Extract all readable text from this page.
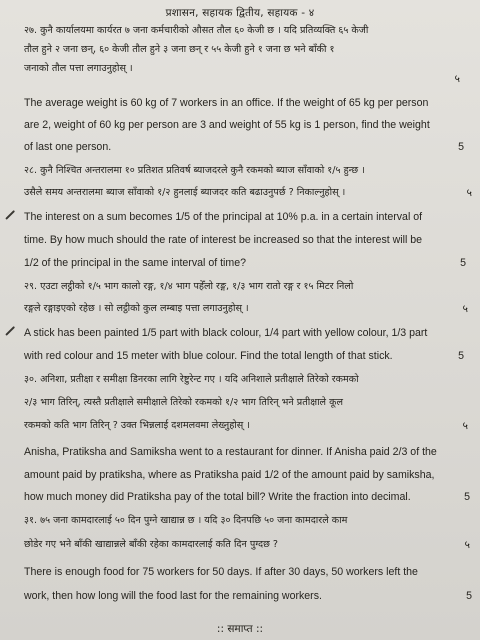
प्रशासन, सहायक द्वितीय, सहायक - ४
२७. कुनै कार्यालयमा कार्यरत ७ जना कर्मचारीको औसत तौल ६० केजी छ । यदि प्रतिव्यक्ति ६५ केजी
तौल हुने २ जना छन्, ६० केजी तौल हुने ३ जना छन् र ५५ केजी हुने १ जना छ भने बाँकी १
जनाको तौल पत्ता लगाउनुहोस् ।
५
The average weight is 60 kg of 7 workers in an office. If the weight of 65 kg per person
are 2, weight of 60 kg per person are 3 and weight of 55 kg is 1 person, find the weight
of last one person.	5
२८. कुनै निश्चित अन्तरालमा १० प्रतिशत प्रतिवर्ष ब्याजदरले कुनै रकमको ब्याज साँवाको १/५ हुन्छ ।
उसैले समय अन्तरालमा ब्याज साँवाको १/२ हुनलाई ब्याजदर कति बढाउनुपर्छ ? निकाल्नुहोस् ।	५
The interest on a sum becomes 1/5 of the principal at 10% p.a. in a certain interval of
time. By how much should the rate of interest be increased so that the interest will be
1/2 of the principal in the same interval of time?	5
२९. एउटा लट्ठीको १/५ भाग कालो रङ्ग, १/४ भाग पहेँलो रङ्ग, १/३ भाग रातो रङ्ग र १५ मिटर निलो
रङ्गले रङ्गाइएको रहेछ । सो लट्ठीको कुल लम्बाइ पत्ता लगाउनुहोस् ।	५
A stick has been painted 1/5 part with black colour, 1/4 part with yellow colour, 1/3 part
with red colour and 15 meter with blue colour. Find the total length of that stick.	5
३०. अनिशा, प्रतीक्षा र समीक्षा डिनरका लागि रेष्टुरेन्ट गए । यदि अनिशाले प्रतीक्षाले तिरेको रकमको
२/३ भाग तिरिन्, त्यस्तै प्रतीक्षाले समीक्षाले तिरेको रकमको १/२ भाग तिरिन् भने प्रतीक्षाले कूल
रकमको कति भाग तिरिन् ? उक्त भिन्नलाई दशमलवमा लेख्नुहोस् ।	५
Anisha, Pratiksha and Samiksha went to a restaurant for dinner. If Anisha paid 2/3 of the
amount paid by pratiksha, where as Pratiksha paid 1/2 of the amount paid by samiksha,
how much money did Pratiksha pay of the total bill? Write the fraction into decimal.	5
३१. ७५ जना कामदारलाई ५० दिन पुग्ने खाद्यान्न छ । यदि ३० दिनपछि ५० जना कामदारले काम
छोडेर गए भने बाँकी खाद्यान्नले बाँकी रहेका कामदारलाई कति दिन पुग्दछ ?	५
There is enough food for 75 workers for 50 days. If after 30 days, 50 workers left the
work, then how long will the food last for the remaining workers.	5
:: समाप्त ::
